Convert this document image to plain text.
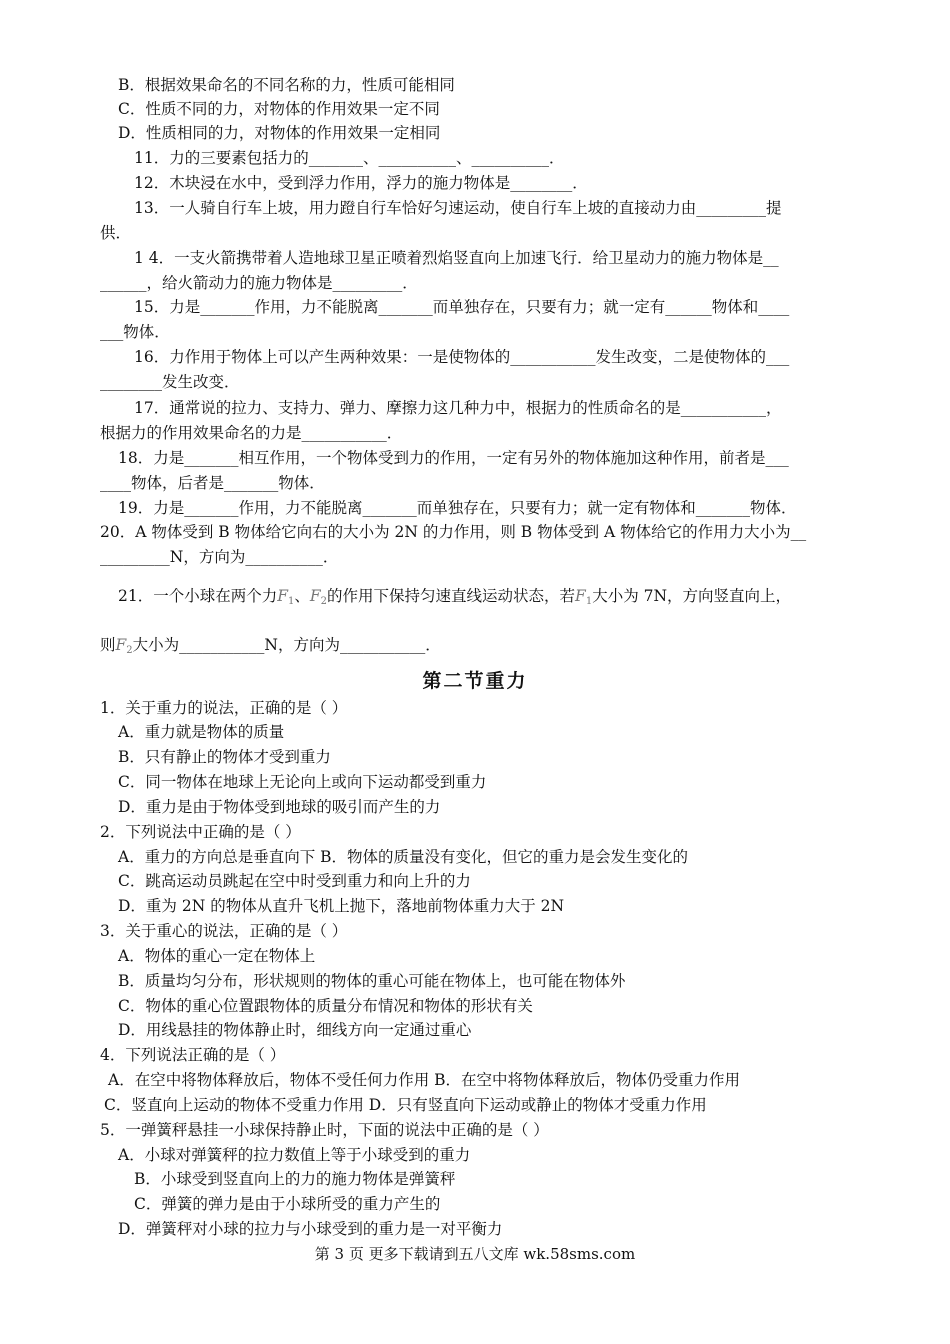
B．根据效果命名的不同名称的力，性质可能相同
C．性质不同的力，对物体的作用效果一定不同
D．性质相同的力，对物体的作用效果一定相同
11．力的三要素包括力的_______、__________、__________．
12．木块浸在水中，受到浮力作用，浮力的施力物体是________．
13．一人骑自行车上坡，用力蹬自行车恰好匀速运动，使自行车上坡的直接动力由_________提
供．
1 4．一支火箭携带着人造地球卫星正喷着烈焰竖直向上加速飞行．给卫星动力的施力物体是__
______，给火箭动力的施力物体是_________．
15．力是_______作用，力不能脱离_______而单独存在，只要有力；就一定有______物体和____
___物体．
16．力作用于物体上可以产生两种效果：一是使物体的___________发生改变，二是使物体的___
________发生改变．
17．通常说的拉力、支持力、弹力、摩擦力这几种力中，根据力的性质命名的是___________，
根据力的作用效果命名的力是___________．
18．力是_______相互作用，一个物体受到力的作用，一定有另外的物体施加这种作用，前者是___
____物体，后者是_______物体．
19．力是_______作用，力不能脱离_______而单独存在，只要有力；就一定有物体和_______物体．
20．A 物体受到 B 物体给它向右的大小为 2N 的力作用，则 B 物体受到 A 物体给它的作用力大小为__
_________N，方向为__________．
21．一个小球在两个力$F_1$、$F_2$的作用下保持匀速直线运动状态，若$F_1$大小为 7N，方向竖直向上，
则$F_2$大小为___________N，方向为___________．
第二节重力
1．关于重力的说法，正确的是（ ）
A．重力就是物体的质量
B．只有静止的物体才受到重力
C．同一物体在地球上无论向上或向下运动都受到重力
D．重力是由于物体受到地球的吸引而产生的力
2．下列说法中正确的是（ ）
A．重力的方向总是垂直向下 B．物体的质量没有变化，但它的重力是会发生变化的
C．跳高运动员跳起在空中时受到重力和向上升的力
D．重为 2N 的物体从直升飞机上抛下，落地前物体重力大于 2N
3．关于重心的说法，正确的是（ ）
A．物体的重心一定在物体上
B．质量均匀分布，形状规则的物体的重心可能在物体上，也可能在物体外
C．物体的重心位置跟物体的质量分布情况和物体的形状有关
D．用线悬挂的物体静止时，细线方向一定通过重心
4．下列说法正确的是（ ）
A．在空中将物体释放后，物体不受任何力作用 B．在空中将物体释放后，物体仍受重力作用
C．竖直向上运动的物体不受重力作用 D．只有竖直向下运动或静止的物体才受重力作用
5．一弹簧秤悬挂一小球保持静止时，下面的说法中正确的是（ ）
A．小球对弹簧秤的拉力数值上等于小球受到的重力
B．小球受到竖直向上的力的施力物体是弹簧秤
C．弹簧的弹力是由于小球所受的重力产生的
D．弹簧秤对小球的拉力与小球受到的重力是一对平衡力
第 3 页 更多下载请到五八文库 wk.58sms.com
